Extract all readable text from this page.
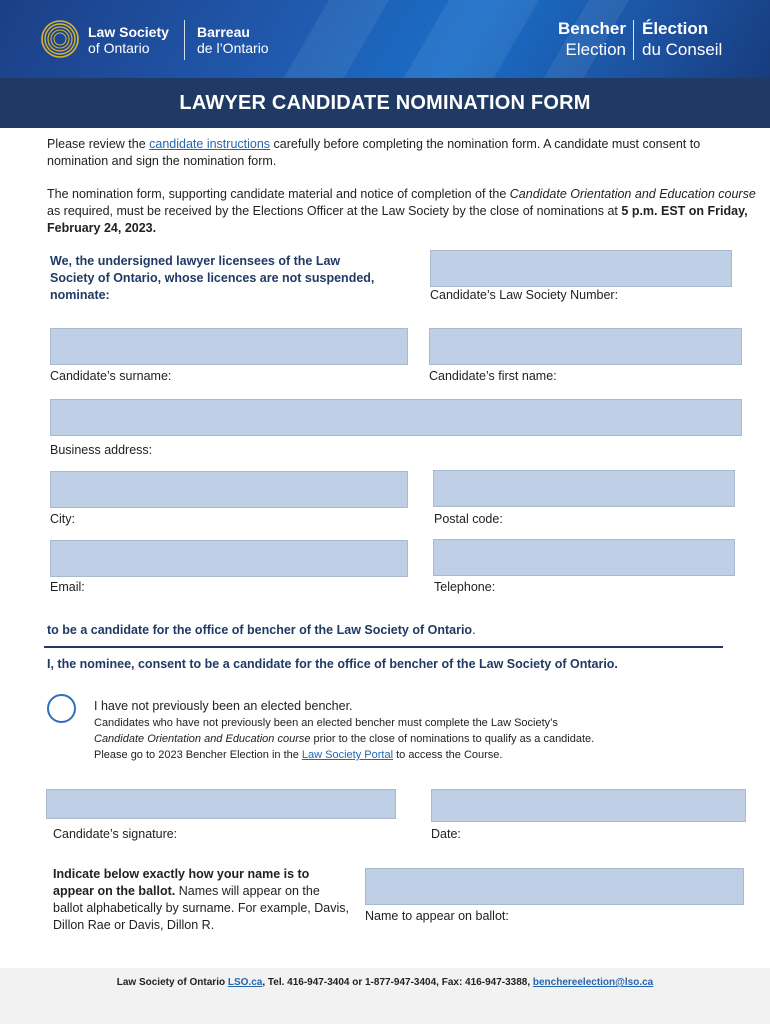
Law Society
of Ontario
Barreau
de l’Ontario
Bencher
Election
Élection
du Conseil
LAWYER CANDIDATE NOMINATION FORM

Please review the candidate instructions carefully before completing the nomination form. A candidate must consent to nomination and sign the nomination form.

The nomination form, supporting candidate material and notice of completion of the Candidate Orientation and Education course as required, must be received by the Elections Officer at the Law Society by the close of nominations at 5 p.m. EST on Friday, February 24, 2023.

We, the undersigned lawyer licensees of the Law Society of Ontario, whose licences are not suspended, nominate:	Candidate’s Law Society Number:
Candidate’s surname:	Candidate’s first name:
Business address:
City:	Postal code:
Email:	Telephone:
to be a candidate for the office of bencher of the Law Society of Ontario.
I, the nominee, consent to be a candidate for the office of bencher of the Law Society of Ontario.
I have not previously been an elected bencher.
Candidates who have not previously been an elected bencher must complete the Law Society’s
Candidate Orientation and Education course prior to the close of nominations to qualify as a candidate.
Please go to 2023 Bencher Election in the Law Society Portal to access the Course.
Candidate’s signature:	Date:
Indicate below exactly how your name is to appear on the ballot. Names will appear on the ballot alphabetically by surname. For example, Davis, Dillon Rae or Davis, Dillon R.
Name to appear on ballot:
Law Society of Ontario LSO.ca, Tel. 416-947-3404 or 1-877-947-3404, Fax: 416-947-3388, benchereelection@lso.ca
